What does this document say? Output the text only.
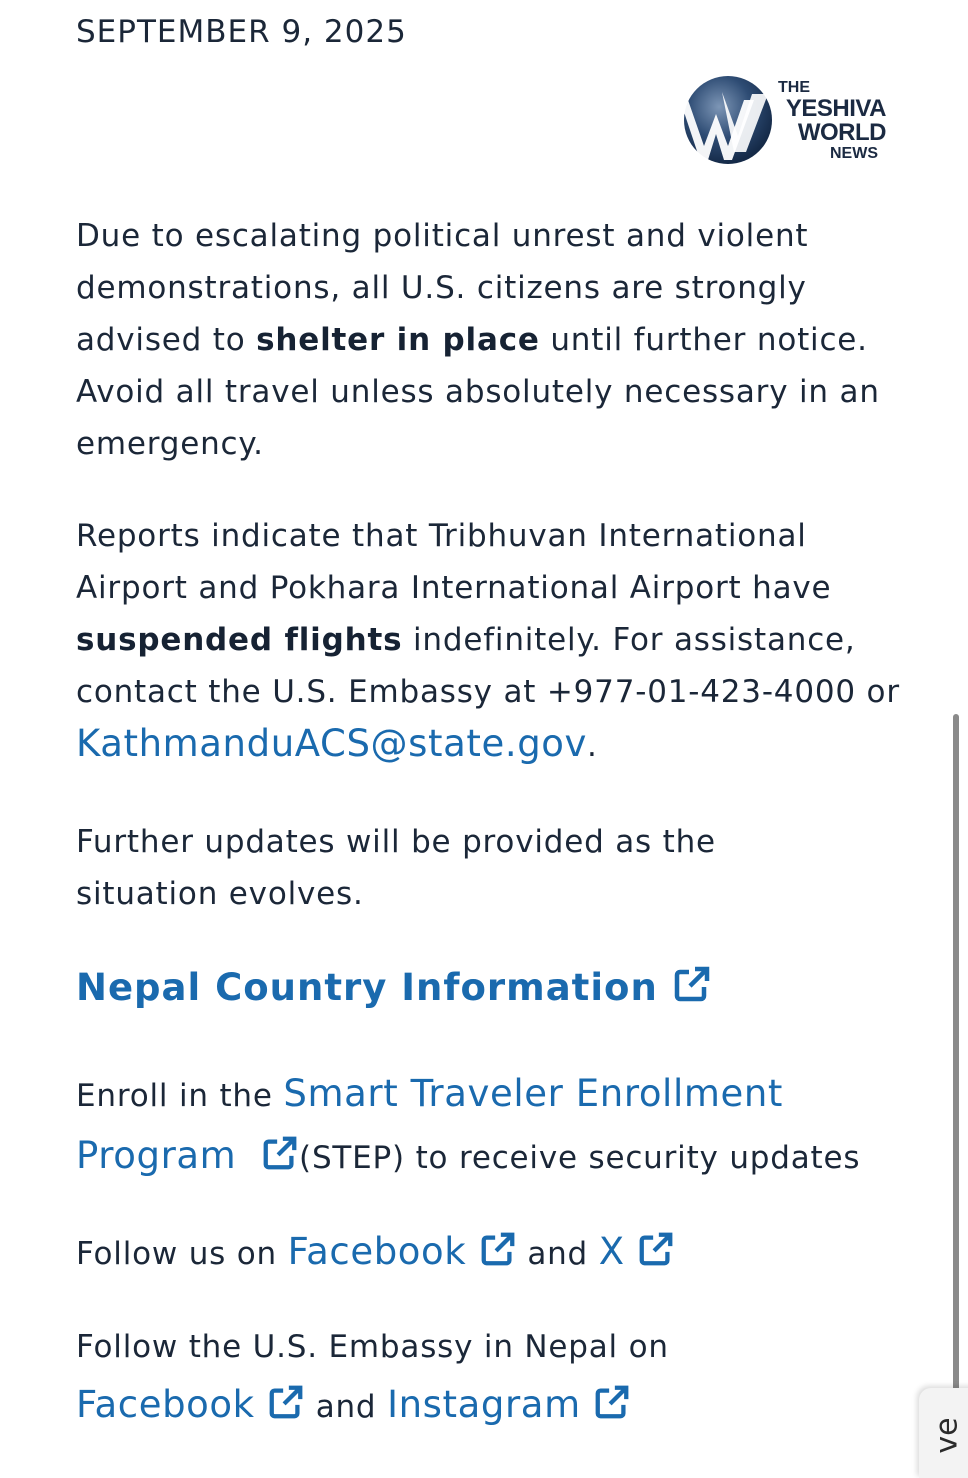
SEPTEMBER 9, 2025
THE
YESHIVA
WORLD
NEWS

Due to escalating political unrest and violent demonstrations, all U.S. citizens are strongly advised to shelter in place until further notice. Avoid all travel unless absolutely necessary in an emergency.

Reports indicate that Tribhuvan International Airport and Pokhara International Airport have suspended flights indefinitely. For assistance, contact the U.S. Embassy at +977-01-423-4000 or KathmanduACS@state.gov.

Further updates will be provided as the situation evolves.

Nepal Country Information

Enroll in the Smart Traveler Enrollment Program (STEP) to receive security updates

Follow us on Facebook and X

Follow the U.S. Embassy in Nepal on Facebook and Instagram

ve
